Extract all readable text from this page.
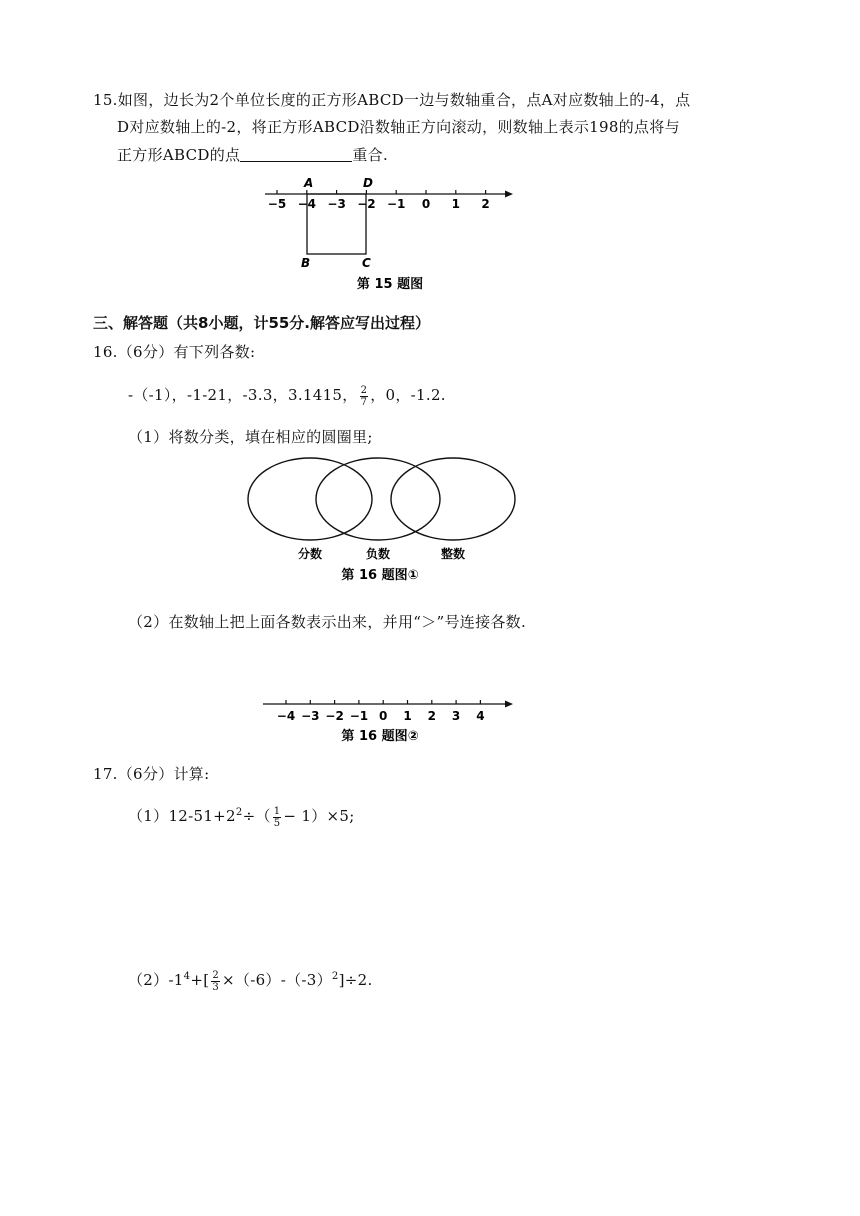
15.如图，边长为2个单位长度的正方形ABCD一边与数轴重合，点A对应数轴上的-4，点
D对应数轴上的-2，将正方形ABCD沿数轴正方向滚动，则数轴上表示198的点将与
正方形ABCD的点	重合.
−5 −4 −3 −2 −1 0 1 2
A	D
B	C
第 15 题图
三、解答题（共8小题，计55分.解答应写出过程）
16.（6分）有下列各数:
-（-1），-1-21，-3.3，3.1415， $\frac{2}{7}$ ，0，-1.2.
（1）将数分类，填在相应的圆圈里;
分数	负数	整数
第 16 题图①
（2）在数轴上把上面各数表示出来，并用“＞”号连接各数.
−4 −3 −2 −1 0 1 2 3 4
第 16 题图②
17.（6分）计算:
$(1)12-51+2^2\div( \frac{1}{5} - 1)\times 5$;
$(2)-1^4+[ \frac{2}{3} \times(-6)-(-3)^2]\div 2$.
